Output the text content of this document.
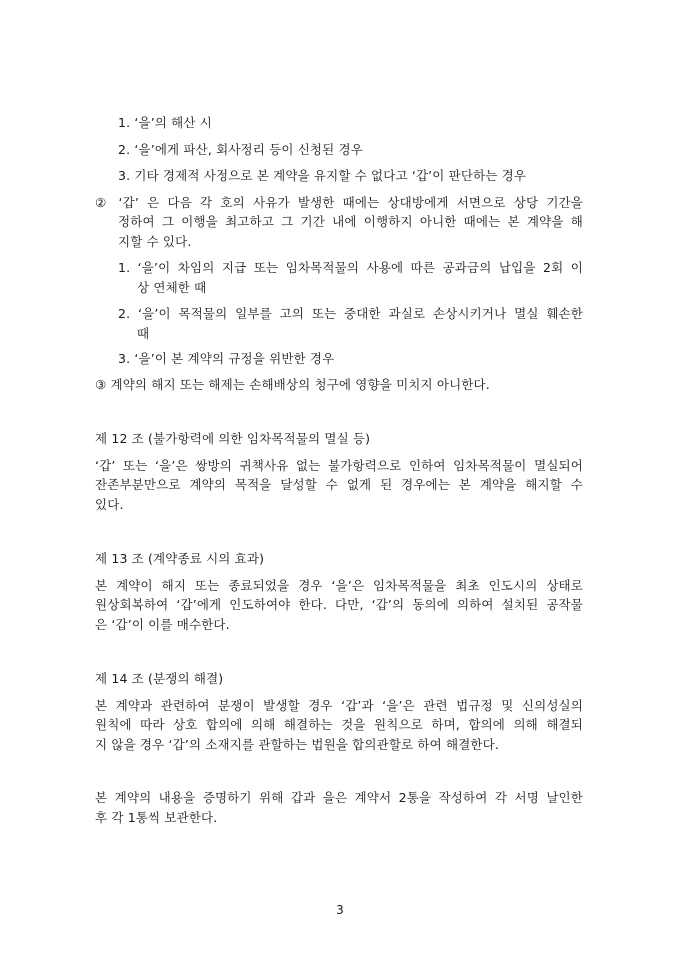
1. ‘을’의 해산 시
2. ‘을’에게 파산, 회사정리 등이 신청된 경우
3. 기타 경제적 사정으로 본 계약을 유지할 수 없다고 ‘갑’이 판단하는 경우
② ‘갑’ 은 다음 각 호의 사유가 발생한 때에는 상대방에게 서면으로 상당 기간을
정하여 그 이행을 최고하고 그 기간 내에 이행하지 아니한 때에는 본 계약을 해
지할 수 있다.
1. ‘을’이 차임의 지급 또는 임차목적물의 사용에 따른 공과금의 납입을 2회 이
상 연체한 때
2. ‘을’이 목적물의 일부를 고의 또는 중대한 과실로 손상시키거나 멸실 훼손한
때
3. ‘을’이 본 계약의 규정을 위반한 경우
③ 계약의 해지 또는 해제는 손해배상의 청구에 영향을 미치지 아니한다.
제 12 조 (불가항력에 의한 임차목적물의 멸실 등)
‘갑’ 또는 ‘을’은 쌍방의 귀책사유 없는 불가항력으로 인하여 임차목적물이 멸실되어
잔존부분만으로 계약의 목적을 달성할 수 없게 된 경우에는 본 계약을 해지할 수
있다.
제 13 조 (계약종료 시의 효과)
본 계약이 해지 또는 종료되었을 경우 ‘을’은 임차목적물을 최초 인도시의 상태로
원상회복하여 ‘갑’에게 인도하여야 한다. 다만, ‘갑’의 동의에 의하여 설치된 공작물
은 ‘갑’이 이를 매수한다.
제 14 조 (분쟁의 해결)
본 계약과 관련하여 분쟁이 발생할 경우 ‘갑’과 ‘을’은 관련 법규정 및 신의성실의
원칙에 따라 상호 합의에 의해 해결하는 것을 원칙으로 하며, 합의에 의해 해결되
지 않을 경우 ‘갑’의 소재지를 관할하는 법원을 합의관할로 하여 해결한다.
본 계약의 내용을 증명하기 위해 갑과 을은 계약서 2통을 작성하여 각 서명 날인한
후 각 1통씩 보관한다.
3
